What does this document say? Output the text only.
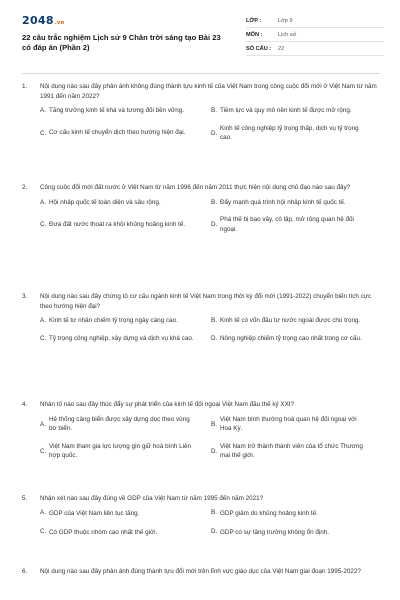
2048.vn
22 câu trắc nghiệm Lịch sử 9 Chân trời sáng tạo Bài 23 có đáp án (Phần 2)
LỚP :	Lớp 9
MÔN :	Lịch sử
SỐ CÂU :	22
1.	Nội dung nào sau đây phản ánh không đúng thành tựu kinh tế của Việt Nam trong công cuộc đổi mới ở Việt Nam từ năm 1991 đến năm 2022?
A. Tăng trưởng kinh tế khá và tương đối bền vững.	B. Tiềm lực và quy mô nền kinh tế được mở rộng.
C. Cơ cấu kinh tế chuyển dịch theo hướng hiện đại.	D.
Kinh tế công nghiệp tỷ trọng thấp, dịch vụ tỷ trọng cao.
2.	Công cuộc đổi mới đất nước ở Việt Nam từ năm 1996 đến năm 2011 thực hiện nội dung chủ đạo nào sau đây?
A. Hội nhập quốc tế toàn diện và sâu rộng.	B. Đẩy mạnh quá trình hội nhập kinh tế quốc tế.
C. Đưa đất nước thoát ra khỏi khủng hoảng kinh tế.	D.
Phá thế bị bao vây, cô lập, mở rộng quan hệ đối ngoại.
3.	Nội dung nào sau đây chứng tỏ cơ cấu ngành kinh tế Việt Nam trong thời kỳ đổi mới (1991-2022) chuyển biến tích cực theo hướng hiện đại?
A. Kinh tế tư nhân chiếm tỷ trọng ngày càng cao.	B. Kinh tế có vốn đầu tư nước ngoài được chú trọng.
C. Tỷ trọng công nghiệp, xây dựng và dịch vụ khá cao.	D. Nông nghiệp chiếm tỷ trọng cao nhất trong cơ cấu.
4.	Nhân tố nào sau đây thúc đẩy sự phát triển của kinh tế đối ngoại Việt Nam đầu thế kỷ XXI?
A.
Hệ thống cảng biển được xây dựng dọc theo vùng bờ biển.
B.
Việt Nam bình thường hoá quan hệ đối ngoại với Hoa Kỳ.
C.
Việt Nam tham gia lực lượng gìn giữ hoà bình Liên hợp quốc.
D.
Việt Nam trở thành thành viên của tổ chức Thương mại thế giới.
5.	Nhận xét nào sau đây đúng về GDP của Việt Nam từ năm 1995 đến năm 2021?
A. GDP của Việt Nam liên tục tăng.	B. GDP giảm do khủng hoảng kinh tế.
C. Có GDP thuộc nhóm cao nhất thế giới.	D. GDP có sự tăng trưởng không ổn định.
6.	Nội dung nào sau đây phản ánh đúng thành tựu đổi mới trên lĩnh vực giáo dục của Việt Nam giai đoạn 1995-2022?
